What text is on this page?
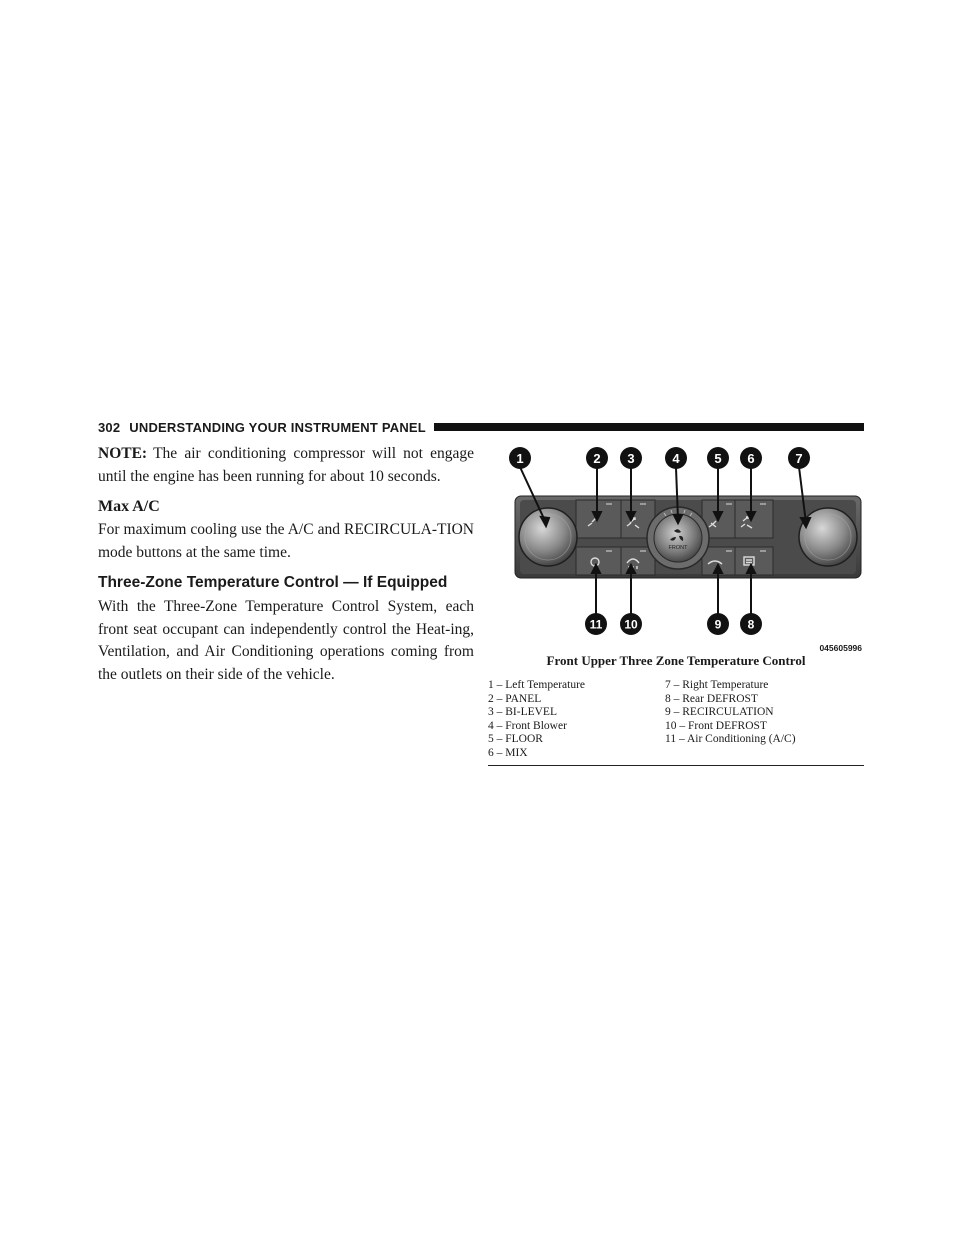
302 UNDERSTANDING YOUR INSTRUMENT PANEL

NOTE: The air conditioning compressor will not engage until the engine has been running for about 10 seconds.

Max A/C

For maximum cooling use the A/C and RECIRCULA-TION mode buttons at the same time.

Three-Zone Temperature Control — If Equipped

With the Three-Zone Temperature Control System, each front seat occupant can independently control the Heat-ing, Ventilation, and Air Conditioning operations coming from the outlets on their side of the vehicle.

FRONT
1	2 3	4	5 6	7
11 10	9 8
045605996
Front Upper Three Zone Temperature Control
1 – Left Temperature
2 – PANEL
3 – BI-LEVEL
4 – Front Blower
5 – FLOOR
6 – MIX
7 – Right Temperature
8 – Rear DEFROST
9 – RECIRCULATION
10 – Front DEFROST
11 – Air Conditioning (A/C)
